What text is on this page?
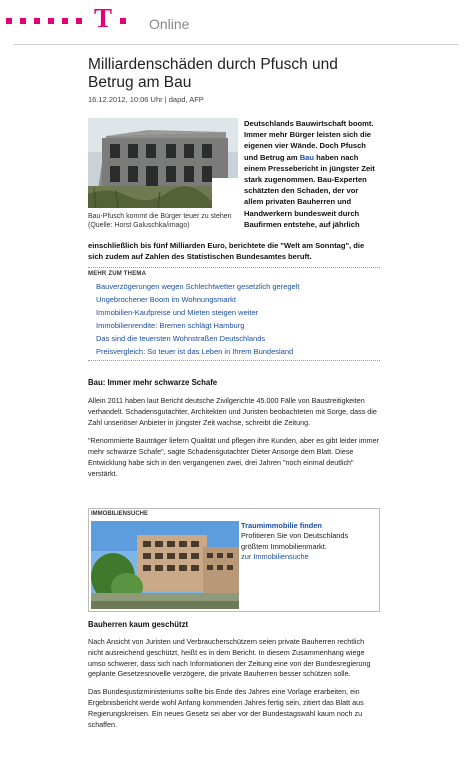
T	Online
Milliardenschäden durch Pfusch und Betrug am Bau
16.12.2012, 10:06 Uhr | dapd, AFP
Bau-Pfusch kommt die Bürger teuer zu stehen (Quelle: Horst Galuschka/imago)
Deutschlands Bauwirtschaft boomt.
Immer mehr Bürger leisten sich die
eigenen vier Wände. Doch Pfusch
und Betrug am Bau haben nach
einem Pressebericht in jüngster Zeit
stark zugenommen. Bau-Experten
schätzten den Schaden, der vor
allem privaten Bauherren und
Handwerkern bundesweit durch
Baufirmen entstehe, auf jährlich
einschließlich bis fünf Milliarden Euro, berichtete die "Welt am Sonntag", die sich zudem auf Zahlen des Statistischen Bundesamtes beruft.
MEHR ZUM THEMA
Bauverzögerungen wegen Schlechtwetter gesetzlich geregelt
Ungebrochener Boom im Wohnungsmarkt
Immobilien-Kaufpreise und Mieten steigen weiter
Immobilienrendite: Bremen schlägt Hamburg
Das sind die teuersten Wohnstraßen Deutschlands
Preisvergleich: So teuer ist das Leben in Ihrem Bundesland
Bau: Immer mehr schwarze Schafe
Allein 2011 haben laut Bericht deutsche Zivilgerichte 45.000 Fälle von Baustreitigkeiten verhandelt. Schadensgutachter, Architekten und Juristen beobachteten mit Sorge, dass die Zahl unseriöser Anbieter in jüngster Zeit wachse, schreibt die Zeitung.
"Renommierte Bauträger liefern Qualität und pflegen ihre Kunden, aber es gibt leider immer mehr schwarze Schafe", sagte Schadensgutachter Dieter Ansorge dem Blatt. Diese Entwicklung habe sich in den vergangenen zwei, drei Jahren "noch einmal deutlich" verstärkt.
IMMOBILIENSUCHE
Traumimmobilie finden
Profitieren Sie von Deutschlands größtem Immobilienmarkt.
zur Immobiliensuche
Bauherren kaum geschützt
Nach Ansicht von Juristen und Verbraucherschützern seien private Bauherren rechtlich nicht ausreichend geschützt, heißt es in dem Bericht. In diesem Zusammenhang wiege umso schwerer, dass sich nach Informationen der Zeitung eine von der Bundesregierung geplante Gesetzesnovelle verzögere, die private Bauherren besser schützen solle.
Das Bundesjustizministeriums sollte bis Ende des Jahres eine Vorlage erarbeiten, ein Ergebnisbericht werde wohl Anfang kommenden Jahres fertig sein, zitiert das Blatt aus Regierungskreisen. Ein neues Gesetz sei aber vor der Bundestagswahl kaum noch zu schaffen.
